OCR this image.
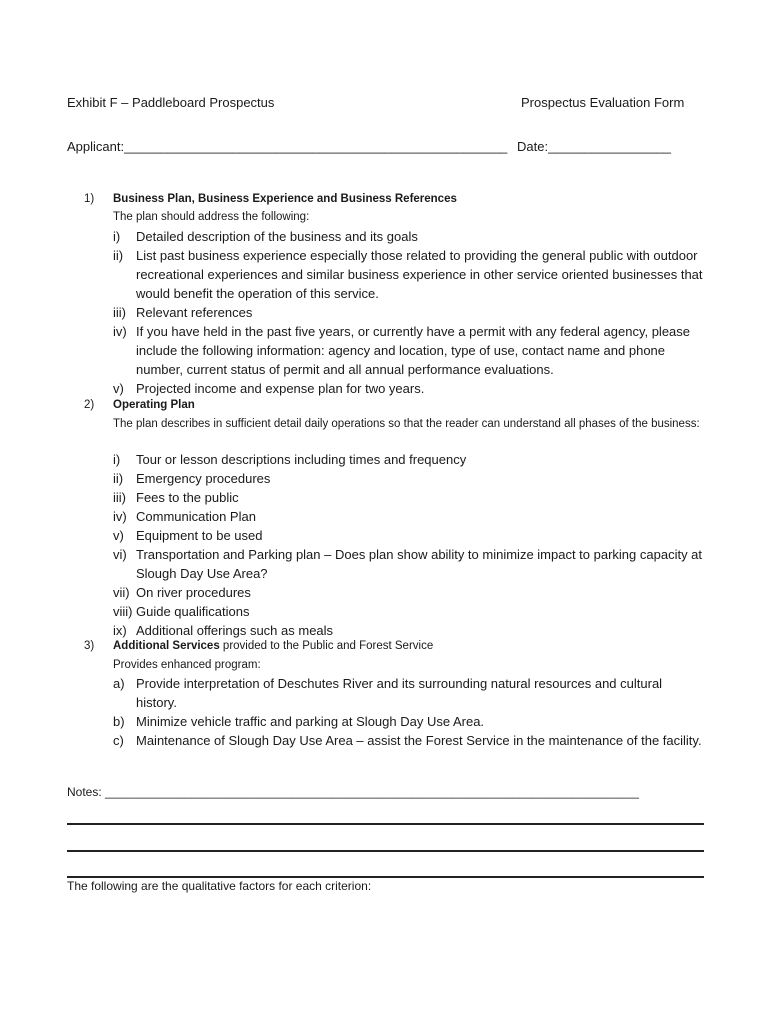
Exhibit F – Paddleboard Prospectus	Prospectus Evaluation Form
Applicant:_____________________________________________________ Date:_________________
1)	Business Plan, Business Experience and Business References
The plan should address the following:
i) Detailed description of the business and its goals
ii) List past business experience especially those related to providing the general public with outdoor recreational experiences and similar business experience in other service oriented businesses that would benefit the operation of this service.
iii) Relevant references
iv) If you have held in the past five years, or currently have a permit with any federal agency, please include the following information: agency and location, type of use, contact name and phone number, current status of permit and all annual performance evaluations.
v) Projected income and expense plan for two years.
2)	Operating Plan
The plan describes in sufficient detail daily operations so that the reader can understand all phases of the business:
i) Tour or lesson descriptions including times and frequency
ii) Emergency procedures
iii) Fees to the public
iv) Communication Plan
v) Equipment to be used
vi) Transportation and Parking plan – Does plan show ability to minimize impact to parking capacity at Slough Day Use Area?
vii) On river procedures
viii) Guide qualifications
ix) Additional offerings such as meals
3)	Additional Services provided to the Public and Forest Service
Provides enhanced program:
a) Provide interpretation of Deschutes River and its surrounding natural resources and cultural history.
b) Minimize vehicle traffic and parking at Slough Day Use Area.
c) Maintenance of Slough Day Use Area – assist the Forest Service in the maintenance of the facility.
Notes: ________________________________________________________________________________
The following are the qualitative factors for each criterion:
